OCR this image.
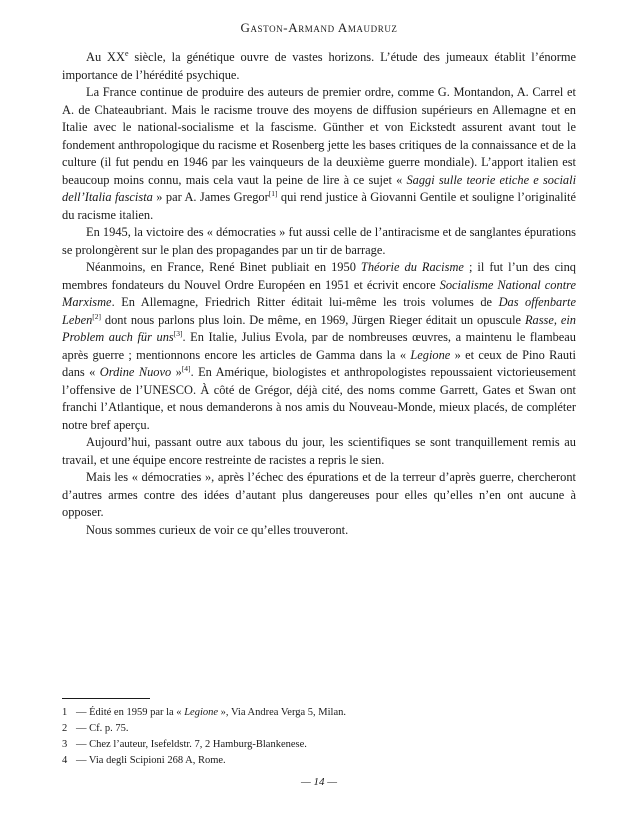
Gaston-Armand Amaudruz

Au XXe siècle, la génétique ouvre de vastes horizons. L’étude des jumeaux établit l’énorme importance de l’hérédité psychique.

La France continue de produire des auteurs de premier ordre, comme G. Montandon, A. Carrel et A. de Chateaubriant. Mais le racisme trouve des moyens de diffusion supérieurs en Allemagne et en Italie avec le national-socialisme et la fascisme. Günther et von Eickstedt assurent avant tout le fondement anthropologique du racisme et Rosenberg jette les bases critiques de la connaissance et de la culture (il fut pendu en 1946 par les vainqueurs de la deuxième guerre mondiale). L’apport italien est beaucoup moins connu, mais cela vaut la peine de lire à ce sujet « Saggi sulle teorie etiche e sociali dell’Italia fascista » par A. James Gregor[1] qui rend justice à Giovanni Gentile et souligne l’originalité du racisme italien.

En 1945, la victoire des « démocraties » fut aussi celle de l’antiracisme et de sanglantes épurations se prolongèrent sur le plan des propagandes par un tir de barrage.

Néanmoins, en France, René Binet publiait en 1950 Théorie du Racisme ; il fut l’un des cinq membres fondateurs du Nouvel Ordre Européen en 1951 et écrivit encore Socialisme National contre Marxisme. En Allemagne, Friedrich Ritter éditait lui-même les trois volumes de Das offenbarte Leben[2] dont nous parlons plus loin. De même, en 1969, Jürgen Rieger éditait un opuscule Rasse, ein Problem auch für uns[3]. En Italie, Julius Evola, par de nombreuses œuvres, a maintenu le flambeau après guerre ; mentionnons encore les articles de Gamma dans la « Legione » et ceux de Pino Rauti dans « Ordine Nuovo »[4]. En Amérique, biologistes et anthropologistes repoussaient victorieusement l’offensive de l’UNESCO. À côté de Grégor, déjà cité, des noms comme Garrett, Gates et Swan ont franchi l’Atlantique, et nous demanderons à nos amis du Nouveau-Monde, mieux placés, de compléter notre bref aperçu.

Aujourd’hui, passant outre aux tabous du jour, les scientifiques se sont tranquillement remis au travail, et une équipe encore restreinte de racistes a repris le sien.

Mais les « démocraties », après l’échec des épurations et de la terreur d’après guerre, chercheront d’autres armes contre des idées d’autant plus dangereuses pour elles qu’elles n’en ont aucune à opposer.

Nous sommes curieux de voir ce qu’elles trouveront.

1 — Édité en 1959 par la « Legione », Via Andrea Verga 5, Milan.

2 — Cf. p. 75.

3 — Chez l’auteur, Isefeldstr. 7, 2 Hamburg-Blankenese.

4 — Via degli Scipioni 268 A, Rome.

— 14 —
